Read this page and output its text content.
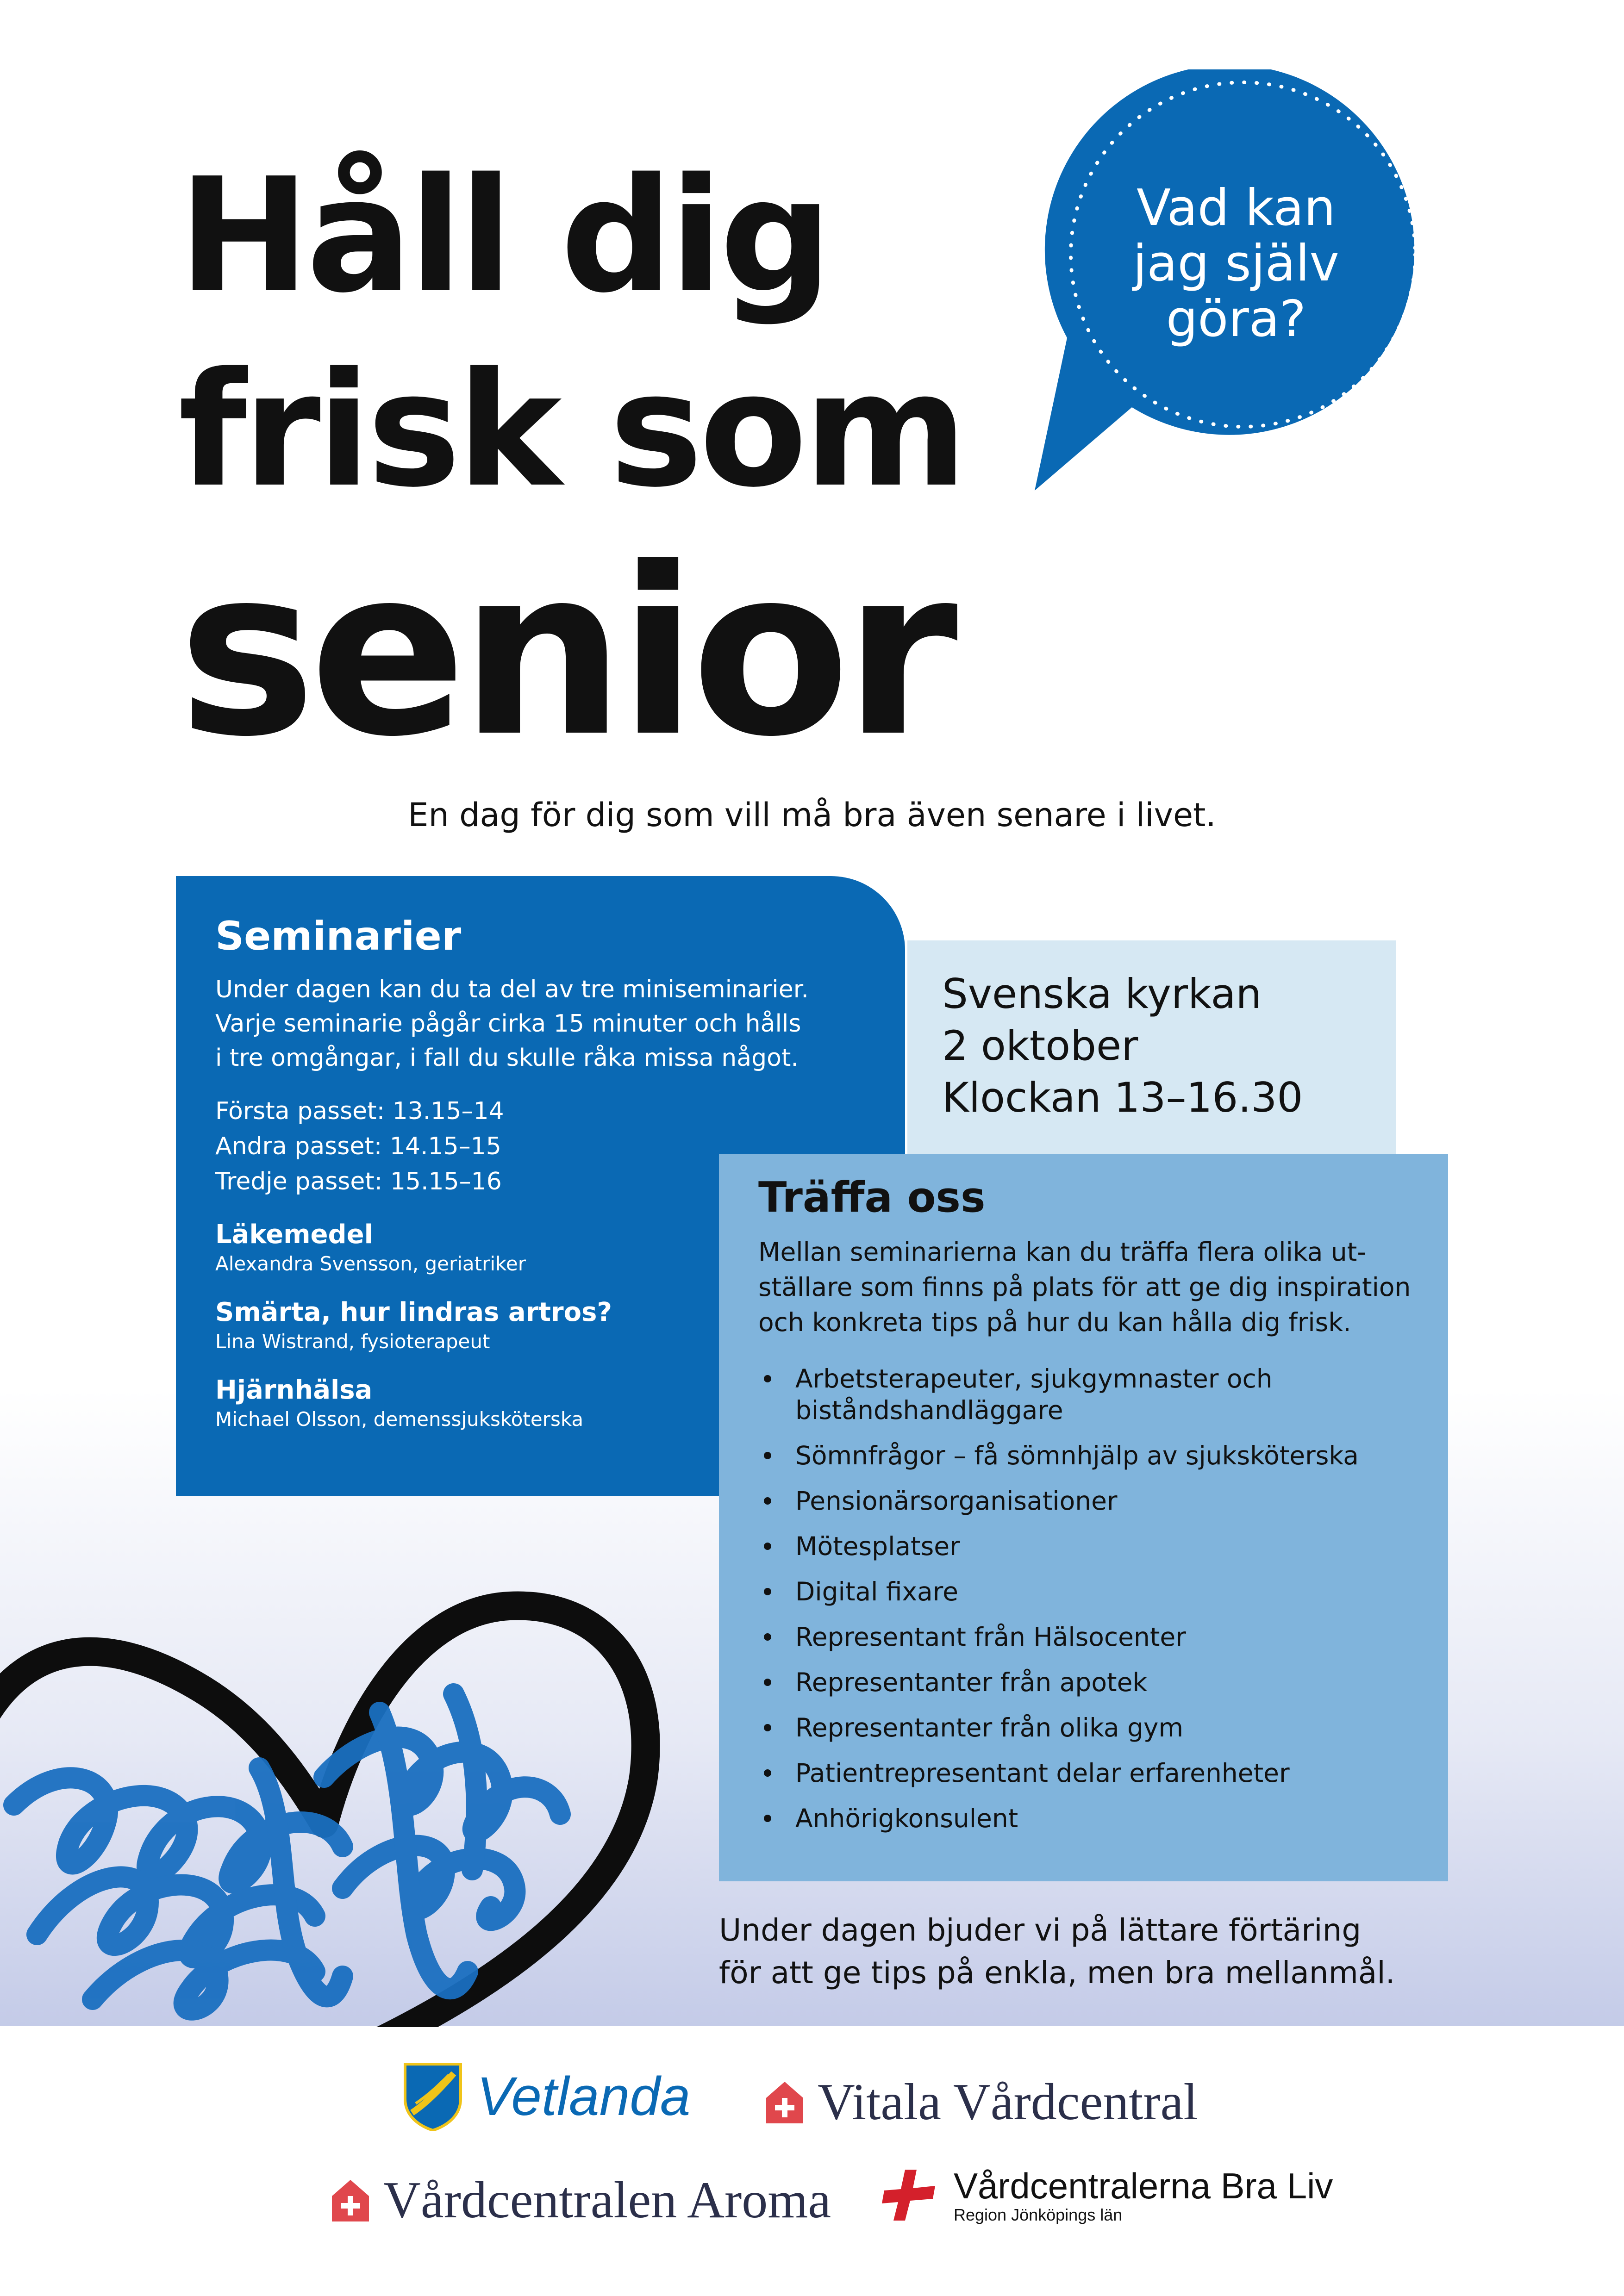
Håll dig
frisk som
senior
Vad kan
jag själv
göra?
En dag för dig som vill må bra även senare i livet.
Seminarier

Under dagen kan du ta del av tre miniseminarier.
Varje seminarie pågår cirka 15 minuter och hålls
i tre omgångar, i fall du skulle råka missa något.

Första passet: 13.15–14
Andra passet: 14.15–15
Tredje passet: 15.15–16
Läkemedel
Alexandra Svensson, geriatriker
Smärta, hur lindras artros?
Lina Wistrand, fysioterapeut
Hjärnhälsa
Michael Olsson, demenssjuksköterska
Svenska kyrkan
2 oktober
Klockan 13–16.30
Träffa oss

Mellan seminarierna kan du träffa flera olika ut-
ställare som finns på plats för att ge dig inspiration
och konkreta tips på hur du kan hålla dig frisk.

Arbetsterapeuter, sjukgymnaster och
biståndshandläggare
Sömnfrågor – få sömnhjälp av sjuksköterska
Pensionärsorganisationer
Mötesplatser
Digital fixare
Representant från Hälsocenter
Representanter från apotek
Representanter från olika gym
Patientrepresentant delar erfarenheter
Anhörigkonsulent
Under dagen bjuder vi på lättare förtäring
för att ge tips på enkla, men bra mellanmål.
Vetlanda Vitala Vårdcentral
Vårdcentralen Aroma	Vårdcentralerna Bra Liv
Region Jönköpings län
